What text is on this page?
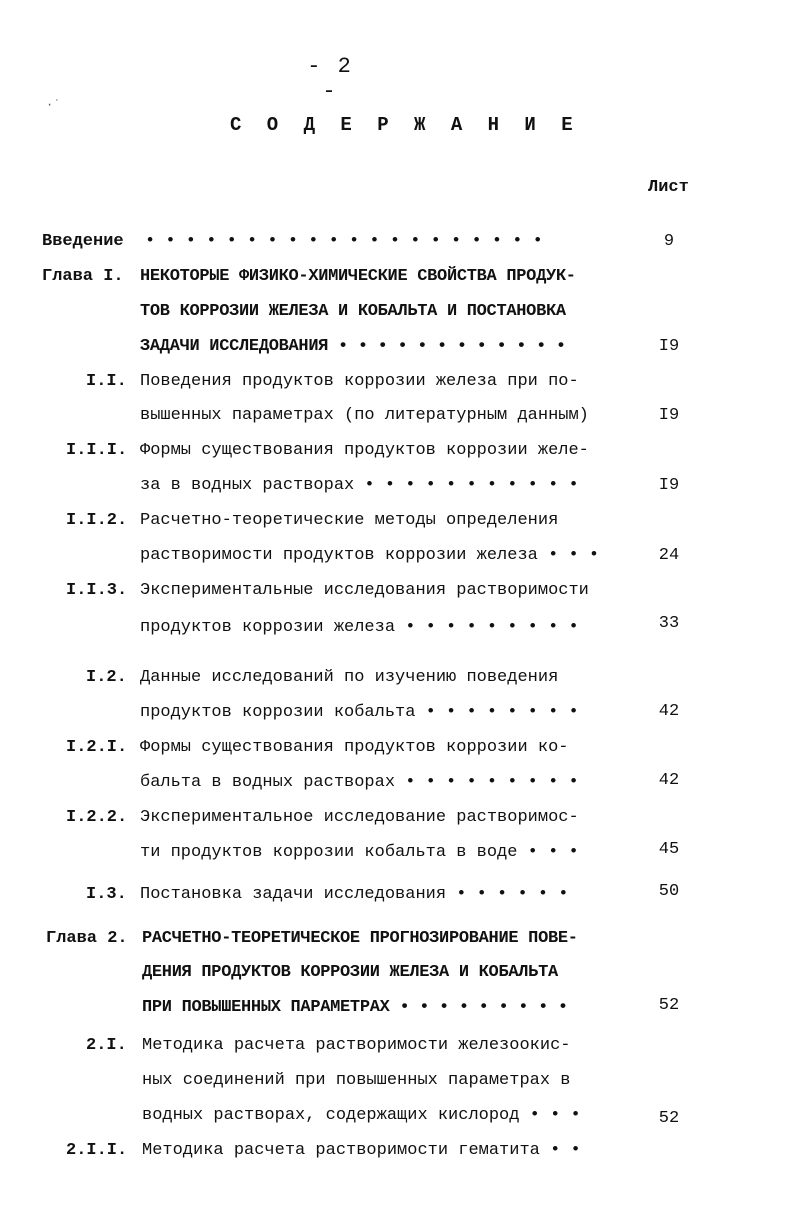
·˙
- 2 -
С О Д Е Р Ж А Н И Е
Лист
Введение • • • • • • • • • • • • • • • • • • • •	9
Глава I. НЕКОТОРЫЕ ФИЗИКО-ХИМИЧЕСКИЕ СВОЙСТВА ПРОДУК-
ТОВ КОРРОЗИИ ЖЕЛЕЗА И КОБАЛЬТА И ПОСТАНОВКА
ЗАДАЧИ ИССЛЕДОВАНИЯ • • • • • • • • • • • •	I9
I.I. Поведения продуктов коррозии железа при по-
вышенных параметрах (по литературным данным)	I9
I.I.I. Формы существования продуктов коррозии желе-
за в водных растворах • • • • • • • • • • •	I9
I.I.2. Расчетно-теоретические методы определения
растворимости продуктов коррозии железа • • •	24
I.I.3. Экспериментальные исследования растворимости
продуктов коррозии железа • • • • • • • • •	33
I.2. Данные исследований по изучению поведения
продуктов коррозии кобальта • • • • • • • •	42
I.2.I. Формы существования продуктов коррозии ко-
бальта в водных растворах • • • • • • • • •	42
I.2.2. Экспериментальное исследование растворимос-
ти продуктов коррозии кобальта в воде • • •	45
I.3. Постановка задачи исследования • • • • • •	50
Глава 2. РАСЧЕТНО-ТЕОРЕТИЧЕСКОЕ ПРОГНОЗИРОВАНИЕ ПОВЕ-
ДЕНИЯ ПРОДУКТОВ КОРРОЗИИ ЖЕЛЕЗА И КОБАЛЬТА
ПРИ ПОВЫШЕННЫХ ПАРАМЕТРАХ • • • • • • • • •	52
2.I. Методика расчета растворимости железоокис-
ных соединений при повышенных параметрах в
водных растворах, содержащих кислород • • •	52
2.I.I. Методика расчета растворимости гематита • •
